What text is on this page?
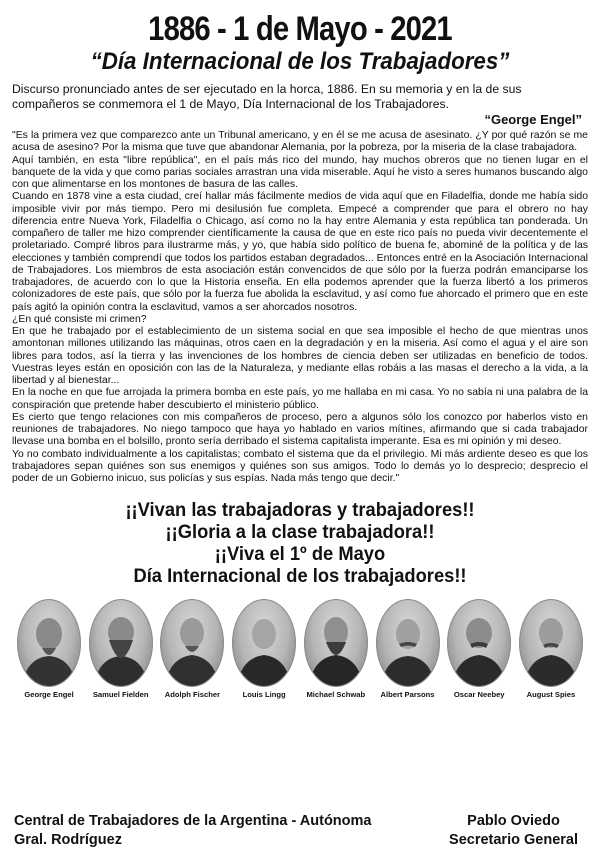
1886 - 1 de Mayo - 2021
“Día Internacional de los Trabajadores”

Discurso pronunciado antes de ser ejecutado en la horca, 1886. En su memoria y en la de sus compañeros se conmemora el 1 de Mayo, Día Internacional de los Trabajadores.

“George Engel”

"Es la primera vez que comparezco ante un Tribunal americano, y en él se me acusa de asesinato. ¿Y por qué razón se me acusa de asesino? Por la misma que tuve que abandonar Alemania, por la pobreza, por la miseria de la clase trabajadora.

Aquí también, en esta "libre república", en el país más rico del mundo, hay muchos obreros que no tienen lugar en el banquete de la vida y que como parias sociales arrastran una vida miserable. Aquí he visto a seres humanos buscando algo con que alimentarse en los montones de basura de las calles.

Cuando en 1878 vine a esta ciudad, creí hallar más fácilmente medios de vida aquí que en Filadelfia, donde me había sido imposible vivir por más tiempo. Pero mi desilusión fue completa. Empecé a comprender que para el obrero no hay diferencia entre Nueva York, Filadelfia o Chicago, así como no la hay entre Alemania y esta república tan ponderada. Un compañero de taller me hizo comprender científicamente la causa de que en este rico país no pueda vivir decentemente el proletariado. Compré libros para ilustrarme más, y yo, que había sido político de buena fe, abominé de la política y de las elecciones y también comprendí que todos los partidos estaban degradados... Entonces entré en la Asociación Internacional de Trabajadores. Los miembros de esta asociación están convencidos de que sólo por la fuerza podrán emanciparse los trabajadores, de acuerdo con lo que la Historia enseña. En ella podemos aprender que la fuerza libertó a los primeros colonizadores de este país, que sólo por la fuerza fue abolida la esclavitud, y así como fue ahorcado el primero que en este país agitó la opinión contra la esclavitud, vamos a ser ahorcados nosotros.

¿En qué consiste mi crimen?

En que he trabajado por el establecimiento de un sistema social en que sea imposible el hecho de que mientras unos amontonan millones utilizando las máquinas, otros caen en la degradación y en la miseria. Así como el agua y el aire son libres para todos, así la tierra y las invenciones de los hombres de ciencia deben ser utilizadas en beneficio de todos. Vuestras leyes están en oposición con las de la Naturaleza, y mediante ellas robáis a las masas el derecho a la vida, a la libertad y al bienestar...

En la noche en que fue arrojada la primera bomba en este país, yo me hallaba en mi casa. Yo no sabía ni una palabra de la conspiración que pretende haber descubierto el ministerio público.

Es cierto que tengo relaciones con mis compañeros de proceso, pero a algunos sólo los conozco por haberlos visto en reuniones de trabajadores. No niego tampoco que haya yo hablado en varios mítines, afirmando que si cada trabajador llevase una bomba en el bolsillo, pronto sería derribado el sistema capitalista imperante. Esa es mi opinión y mi deseo.

Yo no combato individualmente a los capitalistas; combato el sistema que da el privilegio. Mi más ardiente deseo es que los trabajadores sepan quiénes son sus enemigos y quiénes son sus amigos. Todo lo demás yo lo desprecio; desprecio el poder de un Gobierno inicuo, sus policías y sus espías. Nada más tengo que decir."

¡¡Vivan las trabajadoras y trabajadores!!
¡¡Gloria a la clase trabajadora!!
¡¡Viva el 1º de Mayo
Día Internacional de los trabajadores!!
George Engel	Samuel Fielden Adolph Fischer	Louis Lingg	Michael Schwab Albert Parsons	Oscar Neebey	August Spies
Central de Trabajadores de la Argentina - Autónoma
Gral. Rodríguez
Pablo Oviedo
Secretario General
